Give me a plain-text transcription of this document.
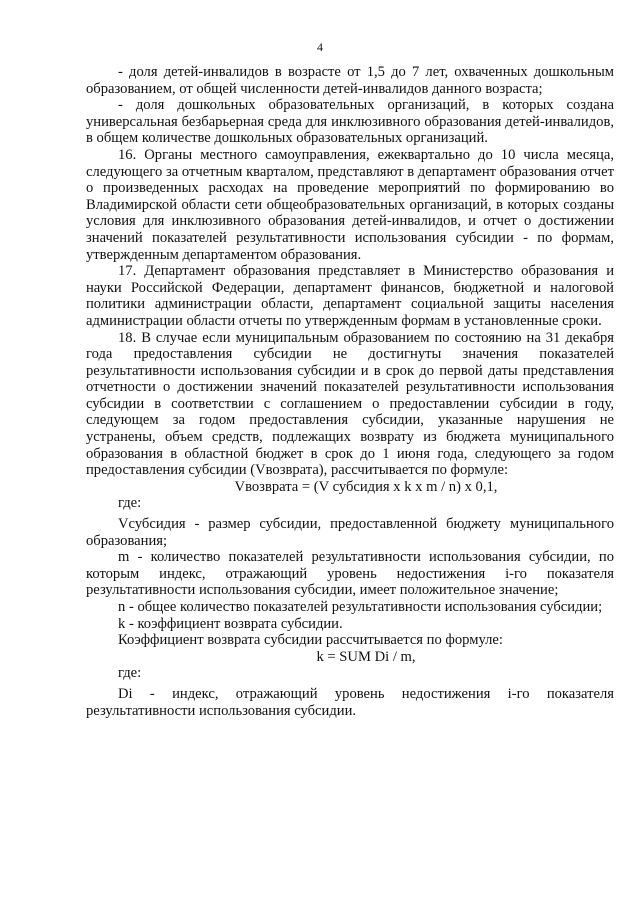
4

- доля детей-инвалидов в возрасте от 1,5 до 7 лет, охваченных дошкольным образованием, от общей численности детей-инвалидов данного возраста;

- доля дошкольных образовательных организаций, в которых создана универсальная безбарьерная среда для инклюзивного образования детей-инвалидов, в общем количестве дошкольных образовательных организаций.

16. Органы местного самоуправления, ежеквартально до 10 числа месяца, следующего за отчетным кварталом, представляют в департамент образования отчет о произведенных расходах на проведение мероприятий по формированию во Владимирской области сети общеобразовательных организаций, в которых созданы условия для инклюзивного образования детей-инвалидов, и отчет о достижении значений показателей результативности использования субсидии - по формам, утвержденным департаментом образования.

17. Департамент образования представляет в Министерство образования и науки Российской Федерации, департамент финансов, бюджетной и налоговой политики администрации области, департамент социальной защиты населения администрации области отчеты по утвержденным формам в установленные сроки.

18. В случае если муниципальным образованием по состоянию на 31 декабря года предоставления субсидии не достигнуты значения показателей результативности использования субсидии и в срок до первой даты представления отчетности о достижении значений показателей результативности использования субсидии в соответствии с соглашением о предоставлении субсидии в году, следующем за годом предоставления субсидии, указанные нарушения не устранены, объем средств, подлежащих возврату из бюджета муниципального образования в областной бюджет в срок до 1 июня года, следующего за годом предоставления субсидии (Vвозврата), рассчитывается по формуле:

Vвозврата = (V субсидия x k x m / n) x 0,1,

где:

Vсубсидия - размер субсидии, предоставленной бюджету муниципального образования;

m - количество показателей результативности использования субсидии, по которым индекс, отражающий уровень недостижения i-го показателя результативности использования субсидии, имеет положительное значение;

n - общее количество показателей результативности использования субсидии;

k - коэффициент возврата субсидии.

Коэффициент возврата субсидии рассчитывается по формуле:

k = SUM Di / m,

где:

Di - индекс, отражающий уровень недостижения i-го показателя результативности использования субсидии.
